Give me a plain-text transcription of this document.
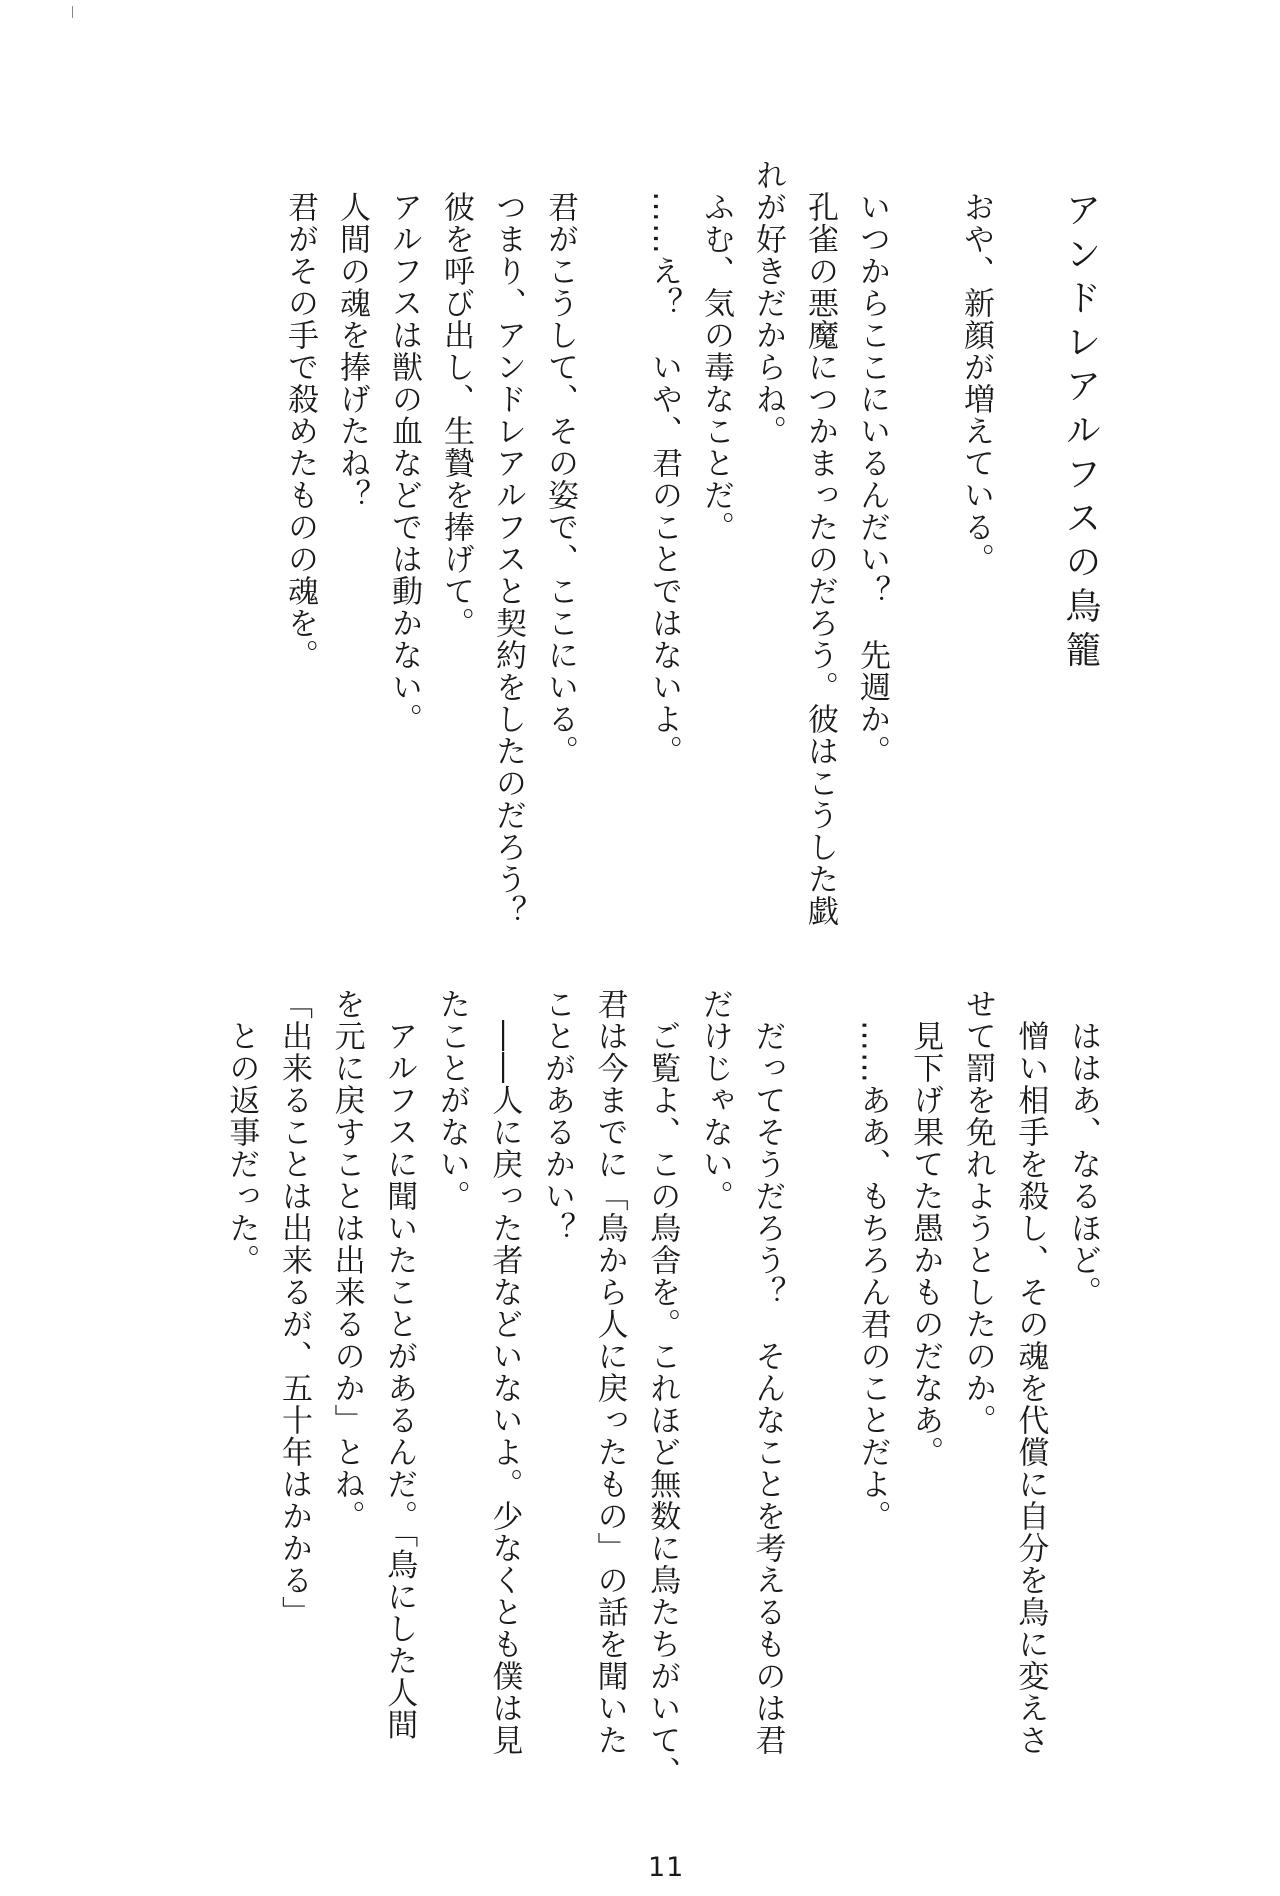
アンドレアルフスの鳥籠
おや、新顔が増えている。
いつからここにいるんだい？　先週か。
孔雀の悪魔につかまったのだろう。彼はこうした戯
れが好きだからね。
ふむ、気の毒なことだ。
……え？　いや、君のことではないよ。
君がこうして、その姿で、ここにいる。
つまり、アンドレアルフスと契約をしたのだろう？
彼を呼び出し、生贄を捧げて。
アルフスは獣の血などでは動かない。
人間の魂を捧げたね？
君がその手で殺めたものの魂を。
ははあ、なるほど。
憎い相手を殺し、その魂を代償に自分を鳥に変えさ
せて罰を免れようとしたのか。
見下げ果てた愚かものだなあ。
……ああ、もちろん君のことだよ。
だってそうだろう？　そんなことを考えるものは君
だけじゃない。
ご覧よ、この鳥舎を。これほど無数に鳥たちがいて、
君は今までに「鳥から人に戻ったもの」の話を聞いた
ことがあるかい？
――人に戻った者などいないよ。少なくとも僕は見
たことがない。
アルフスに聞いたことがあるんだ。「鳥にした人間
を元に戻すことは出来るのか」とね。
「出来ることは出来るが、五十年はかかる」
との返事だった。
11
